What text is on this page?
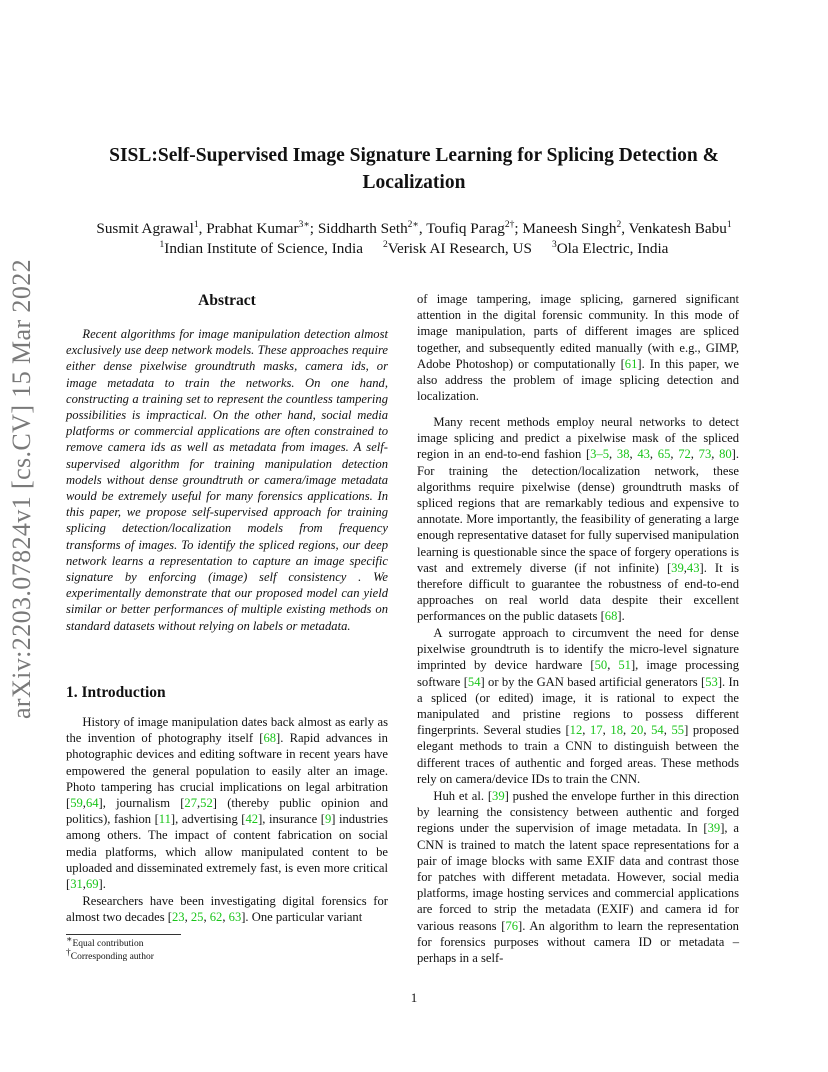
SISL:Self-Supervised Image Signature Learning for Splicing Detection &
Localization
Susmit Agrawal$^1$, Prabhat Kumar$^{3∗}$; Siddharth Seth$^{2∗}$, Toufiq Parag$^{2\dagger}$; Maneesh Singh$^2$, Venkatesh Babu$^1$
$^1$Indian Institute of Science, India $^2$Verisk AI Research, US $^3$Ola Electric, India
arXiv:2203.07824v1 [cs.CV] 15 Mar 2022	Abstract

Recent algorithms for image manipulation detection almost exclusively use deep network models. These approaches require either dense pixelwise groundtruth masks, camera ids, or image metadata to train the networks. On one hand, constructing a training set to represent the countless tampering possibilities is impractical. On the other hand, social media platforms or commercial applications are often constrained to remove camera ids as well as metadata from images. A self-supervised algorithm for training manipulation detection models without dense groundtruth or camera/image metadata would be extremely useful for many forensics applications. In this paper, we propose self-supervised approach for training splicing detection/localization models from frequency transforms of images. To identify the spliced regions, our deep network learns a representation to capture an image specific signature by enforcing (image) self consistency . We experimentally demonstrate that our proposed model can yield similar or better performances of multiple existing methods on standard datasets without relying on labels or metadata.

1. Introduction

History of image manipulation dates back almost as early as the invention of photography itself [68]. Rapid advances in photographic devices and editing software in recent years have empowered the general population to easily alter an image. Photo tampering has crucial implications on legal arbitration [59,64], journalism [27,52] (thereby public opinion and politics), fashion [11], advertising [42], insurance [9] industries among others. The impact of content fabrication on social media platforms, which allow manipulated content to be uploaded and disseminated extremely fast, is even more critical [31,69].

Researchers have been investigating digital forensics for almost two decades [23, 25, 62, 63]. One particular variant

∗Equal contribution
†Corresponding author

of image tampering, image splicing, garnered significant attention in the digital forensic community. In this mode of image manipulation, parts of different images are spliced together, and subsequently edited manually (with e.g., GIMP, Adobe Photoshop) or computationally [61]. In this paper, we also address the problem of image splicing detection and localization.

Many recent methods employ neural networks to detect image splicing and predict a pixelwise mask of the spliced region in an end-to-end fashion [3–5, 38, 43, 65, 72, 73, 80]. For training the detection/localization network, these algorithms require pixelwise (dense) groundtruth masks of spliced regions that are remarkably tedious and expensive to annotate. More importantly, the feasibility of generating a large enough representative dataset for fully supervised manipulation learning is questionable since the space of forgery operations is vast and extremely diverse (if not infinite) [39,43]. It is therefore difficult to guarantee the robustness of end-to-end approaches on real world data despite their excellent performances on the public datasets [68].

A surrogate approach to circumvent the need for dense pixelwise groundtruth is to identify the micro-level signature imprinted by device hardware [50, 51], image processing software [54] or by the GAN based artificial generators [53]. In a spliced (or edited) image, it is rational to expect the manipulated and pristine regions to possess different fingerprints. Several studies [12, 17, 18, 20, 54, 55] proposed elegant methods to train a CNN to distinguish between the different traces of authentic and forged areas. These methods rely on camera/device IDs to train the CNN.

Huh et al. [39] pushed the envelope further in this direction by learning the consistency between authentic and forged regions under the supervision of image metadata. In [39], a CNN is trained to match the latent space representations for a pair of image blocks with same EXIF data and contrast those for patches with different metadata. However, social media platforms, image hosting services and commercial applications are forced to strip the metadata (EXIF) and camera id for various reasons [76]. An algorithm to learn the representation for forensics purposes without camera ID or metadata – perhaps in a self-

1
